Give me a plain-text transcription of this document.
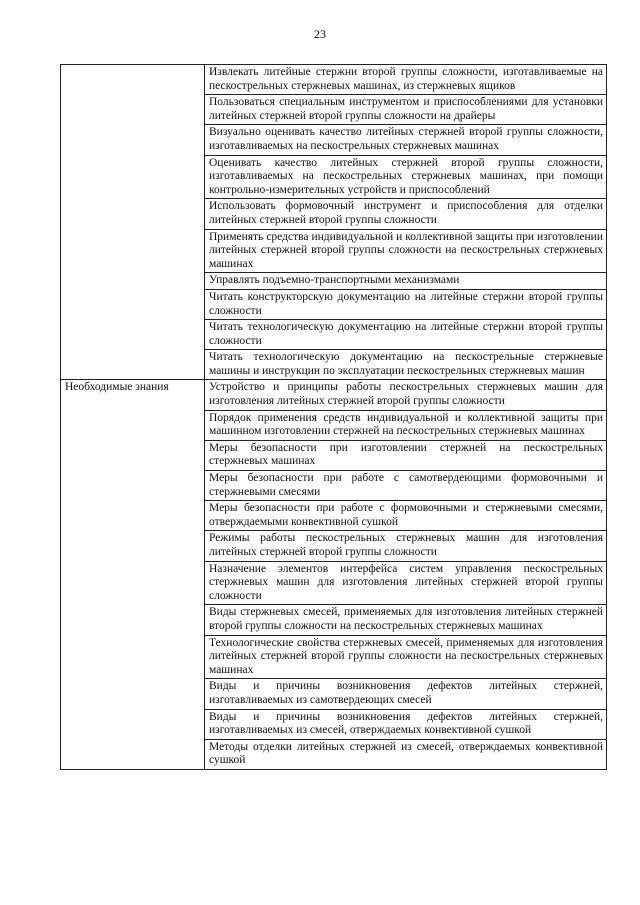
23
	Извлекать литейные стержни второй группы сложности, изготавливаемые на пескострельных стержневых машинах, из стержневых ящиков
	Пользоваться специальным инструментом и приспособлениями для установки литейных стержней второй группы сложности на драйеры
	Визуально оценивать качество литейных стержней второй группы сложности, изготавливаемых на пескострельных стержневых машинах
	Оценивать качество литейных стержней второй группы сложности, изготавливаемых на пескострельных стержневых машинах, при помощи контрольно-измерительных устройств и приспособлений
	Использовать формовочный инструмент и приспособления для отделки литейных стержней второй группы сложности
	Применять средства индивидуальной и коллективной защиты при изготовлении литейных стержней второй группы сложности на пескострельных стержневых машинах
	Управлять подъемно-транспортными механизмами
	Читать конструкторскую документацию на литейные стержни второй группы сложности
	Читать технологическую документацию на литейные стержни второй группы сложности
	Читать технологическую документацию на пескострельные стержневые машины и инструкции по эксплуатации пескострельных стержневых машин
Необходимые знания	Устройство и принципы работы пескострельных стержневых машин для изготовления литейных стержней второй группы сложности
	Порядок применения средств индивидуальной и коллективной защиты при машинном изготовлении стержней на пескострельных стержневых машинах
	Меры безопасности при изготовлении стержней на пескострельных стержневых машинах
	Меры безопасности при работе с самотвердеющими формовочными и стержневыми смесями
	Меры безопасности при работе с формовочными и стержневыми смесями, отверждаемыми конвективной сушкой
	Режимы работы пескострельных стержневых машин для изготовления литейных стержней второй группы сложности
	Назначение элементов интерфейса систем управления пескострельных стержневых машин для изготовления литейных стержней второй группы сложности
	Виды стержневых смесей, применяемых для изготовления литейных стержней второй группы сложности на пескострельных стержневых машинах
	Технологические свойства стержневых смесей, применяемых для изготовления литейных стержней второй группы сложности на пескострельных стержневых машинах
	Виды и причины возникновения дефектов литейных стержней, изготавливаемых из самотвердеющих смесей
	Виды и причины возникновения дефектов литейных стержней, изготавливаемых из смесей, отверждаемых конвективной сушкой
	Методы отделки литейных стержней из смесей, отверждаемых конвективной сушкой
